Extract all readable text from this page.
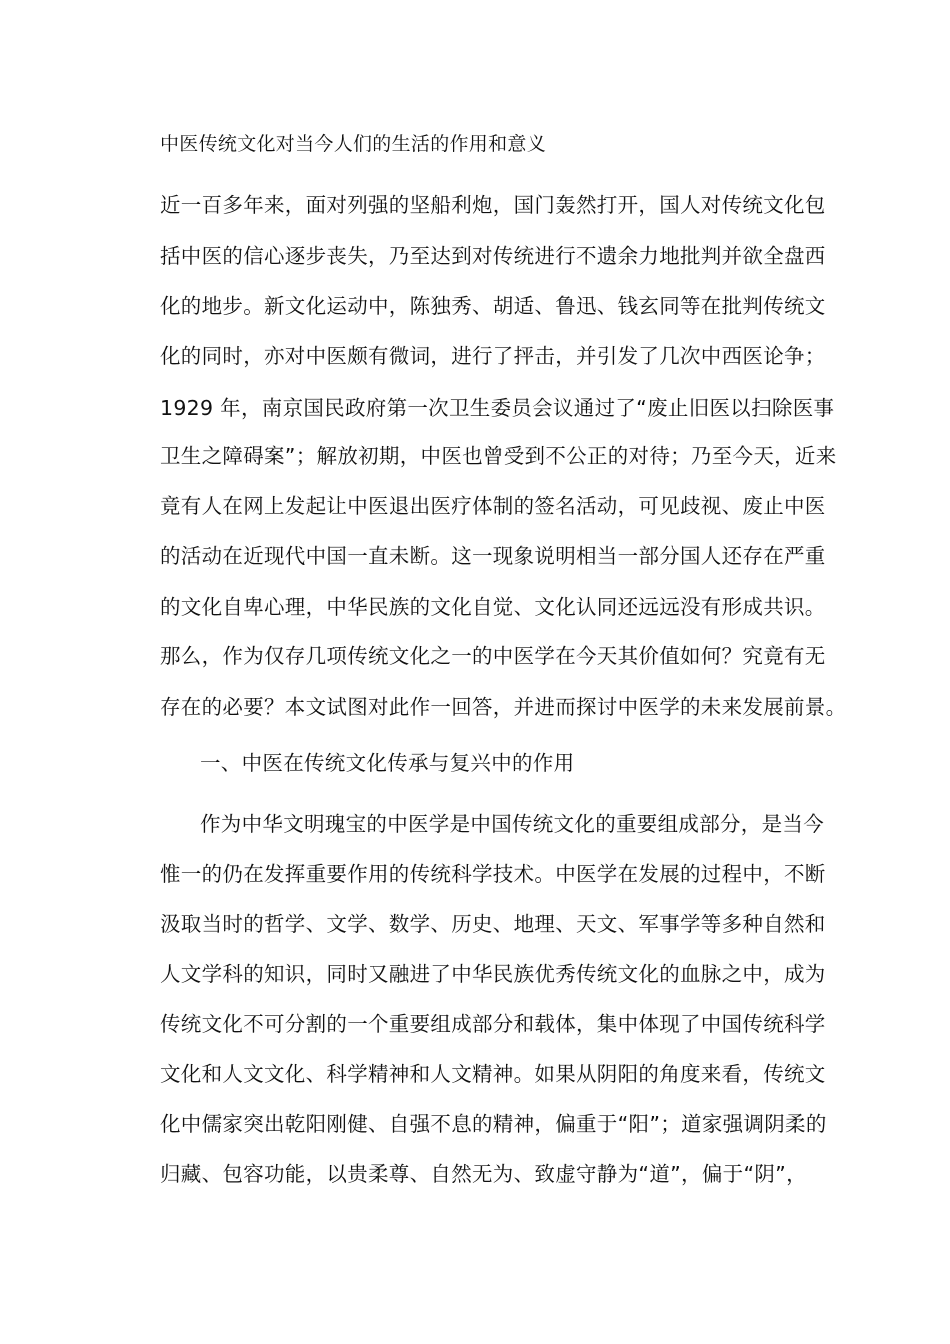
中医传统文化对当今人们的生活的作用和意义
近一百多年来，面对列强的坚船利炮，国门轰然打开，国人对传统文化包
括中医的信心逐步丧失，乃至达到对传统进行不遗余力地批判并欲全盘西
化的地步。新文化运动中，陈独秀、胡适、鲁迅、钱玄同等在批判传统文
化的同时，亦对中医颇有微词，进行了抨击，并引发了几次中西医论争；
1929 年，南京国民政府第一次卫生委员会议通过了“废止旧医以扫除医事
卫生之障碍案”；解放初期，中医也曾受到不公正的对待；乃至今天，近来
竟有人在网上发起让中医退出医疗体制的签名活动，可见歧视、废止中医
的活动在近现代中国一直未断。这一现象说明相当一部分国人还存在严重
的文化自卑心理，中华民族的文化自觉、文化认同还远远没有形成共识。
那么，作为仅存几项传统文化之一的中医学在今天其价值如何？究竟有无
存在的必要？本文试图对此作一回答，并进而探讨中医学的未来发展前景。
一、中医在传统文化传承与复兴中的作用
作为中华文明瑰宝的中医学是中国传统文化的重要组成部分，是当今
惟一的仍在发挥重要作用的传统科学技术。中医学在发展的过程中，不断
汲取当时的哲学、文学、数学、历史、地理、天文、军事学等多种自然和
人文学科的知识，同时又融进了中华民族优秀传统文化的血脉之中，成为
传统文化不可分割的一个重要组成部分和载体，集中体现了中国传统科学
文化和人文文化、科学精神和人文精神。如果从阴阳的角度来看，传统文
化中儒家突出乾阳刚健、自强不息的精神，偏重于“阳”；道家强调阴柔的
归藏、包容功能，以贵柔尊、自然无为、致虚守静为“道”，偏于“阴”，
